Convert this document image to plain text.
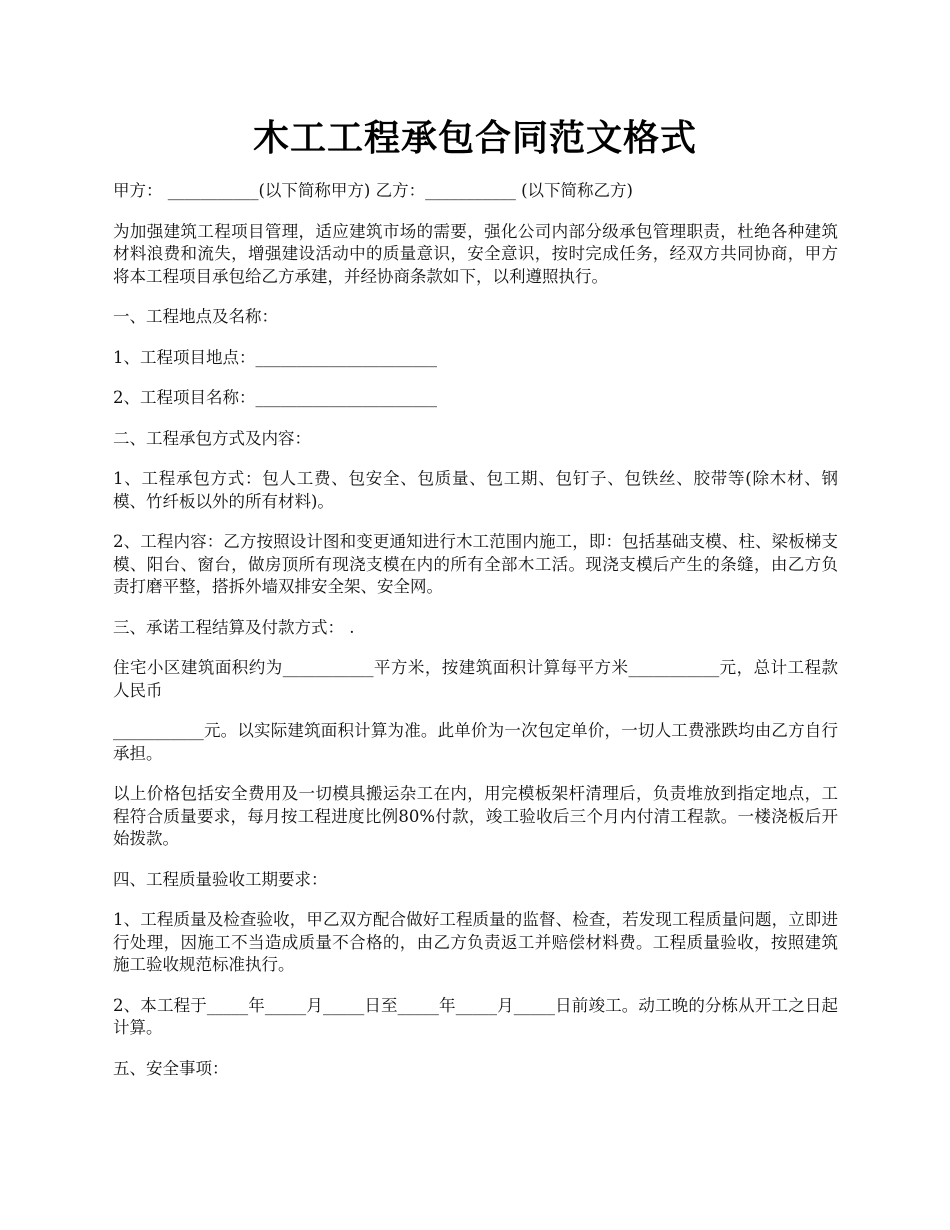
木工工程承包合同范文格式

甲方： ___________(以下简称甲方) 乙方：___________ (以下简称乙方)

为加强建筑工程项目管理，适应建筑市场的需要，强化公司内部分级承包管理职责，杜绝各种建筑材料浪费和流失，增强建设活动中的质量意识，安全意识，按时完成任务，经双方共同协商，甲方将本工程项目承包给乙方承建，并经协商条款如下，以利遵照执行。

一、工程地点及名称：

1、工程项目地点：______________________

2、工程项目名称：______________________

二、工程承包方式及内容：

1、工程承包方式：包人工费、包安全、包质量、包工期、包钉子、包铁丝、胶带等(除木材、钢模、竹纤板以外的所有材料)。

2、工程内容：乙方按照设计图和变更通知进行木工范围内施工，即：包括基础支模、柱、梁板梯支模、阳台、窗台，做房顶所有现浇支模在内的所有全部木工活。现浇支模后产生的条缝，由乙方负责打磨平整，搭拆外墙双排安全架、安全网。

三、承诺工程结算及付款方式： .

住宅小区建筑面积约为___________平方米，按建筑面积计算每平方米___________元，总计工程款人民币

___________元。以实际建筑面积计算为准。此单价为一次包定单价，一切人工费涨跌均由乙方自行承担。

以上价格包括安全费用及一切模具搬运杂工在内，用完模板架杆清理后，负责堆放到指定地点，工程符合质量要求，每月按工程进度比例80%付款，竣工验收后三个月内付清工程款。一楼浇板后开始拨款。

四、工程质量验收工期要求：

1、工程质量及检查验收，甲乙双方配合做好工程质量的监督、检查，若发现工程质量问题，立即进行处理，因施工不当造成质量不合格的，由乙方负责返工并赔偿材料费。工程质量验收，按照建筑施工验收规范标准执行。

2、本工程于_____年_____月_____日至_____年_____月_____日前竣工。动工晚的分栋从开工之日起计算。

五、安全事项：
